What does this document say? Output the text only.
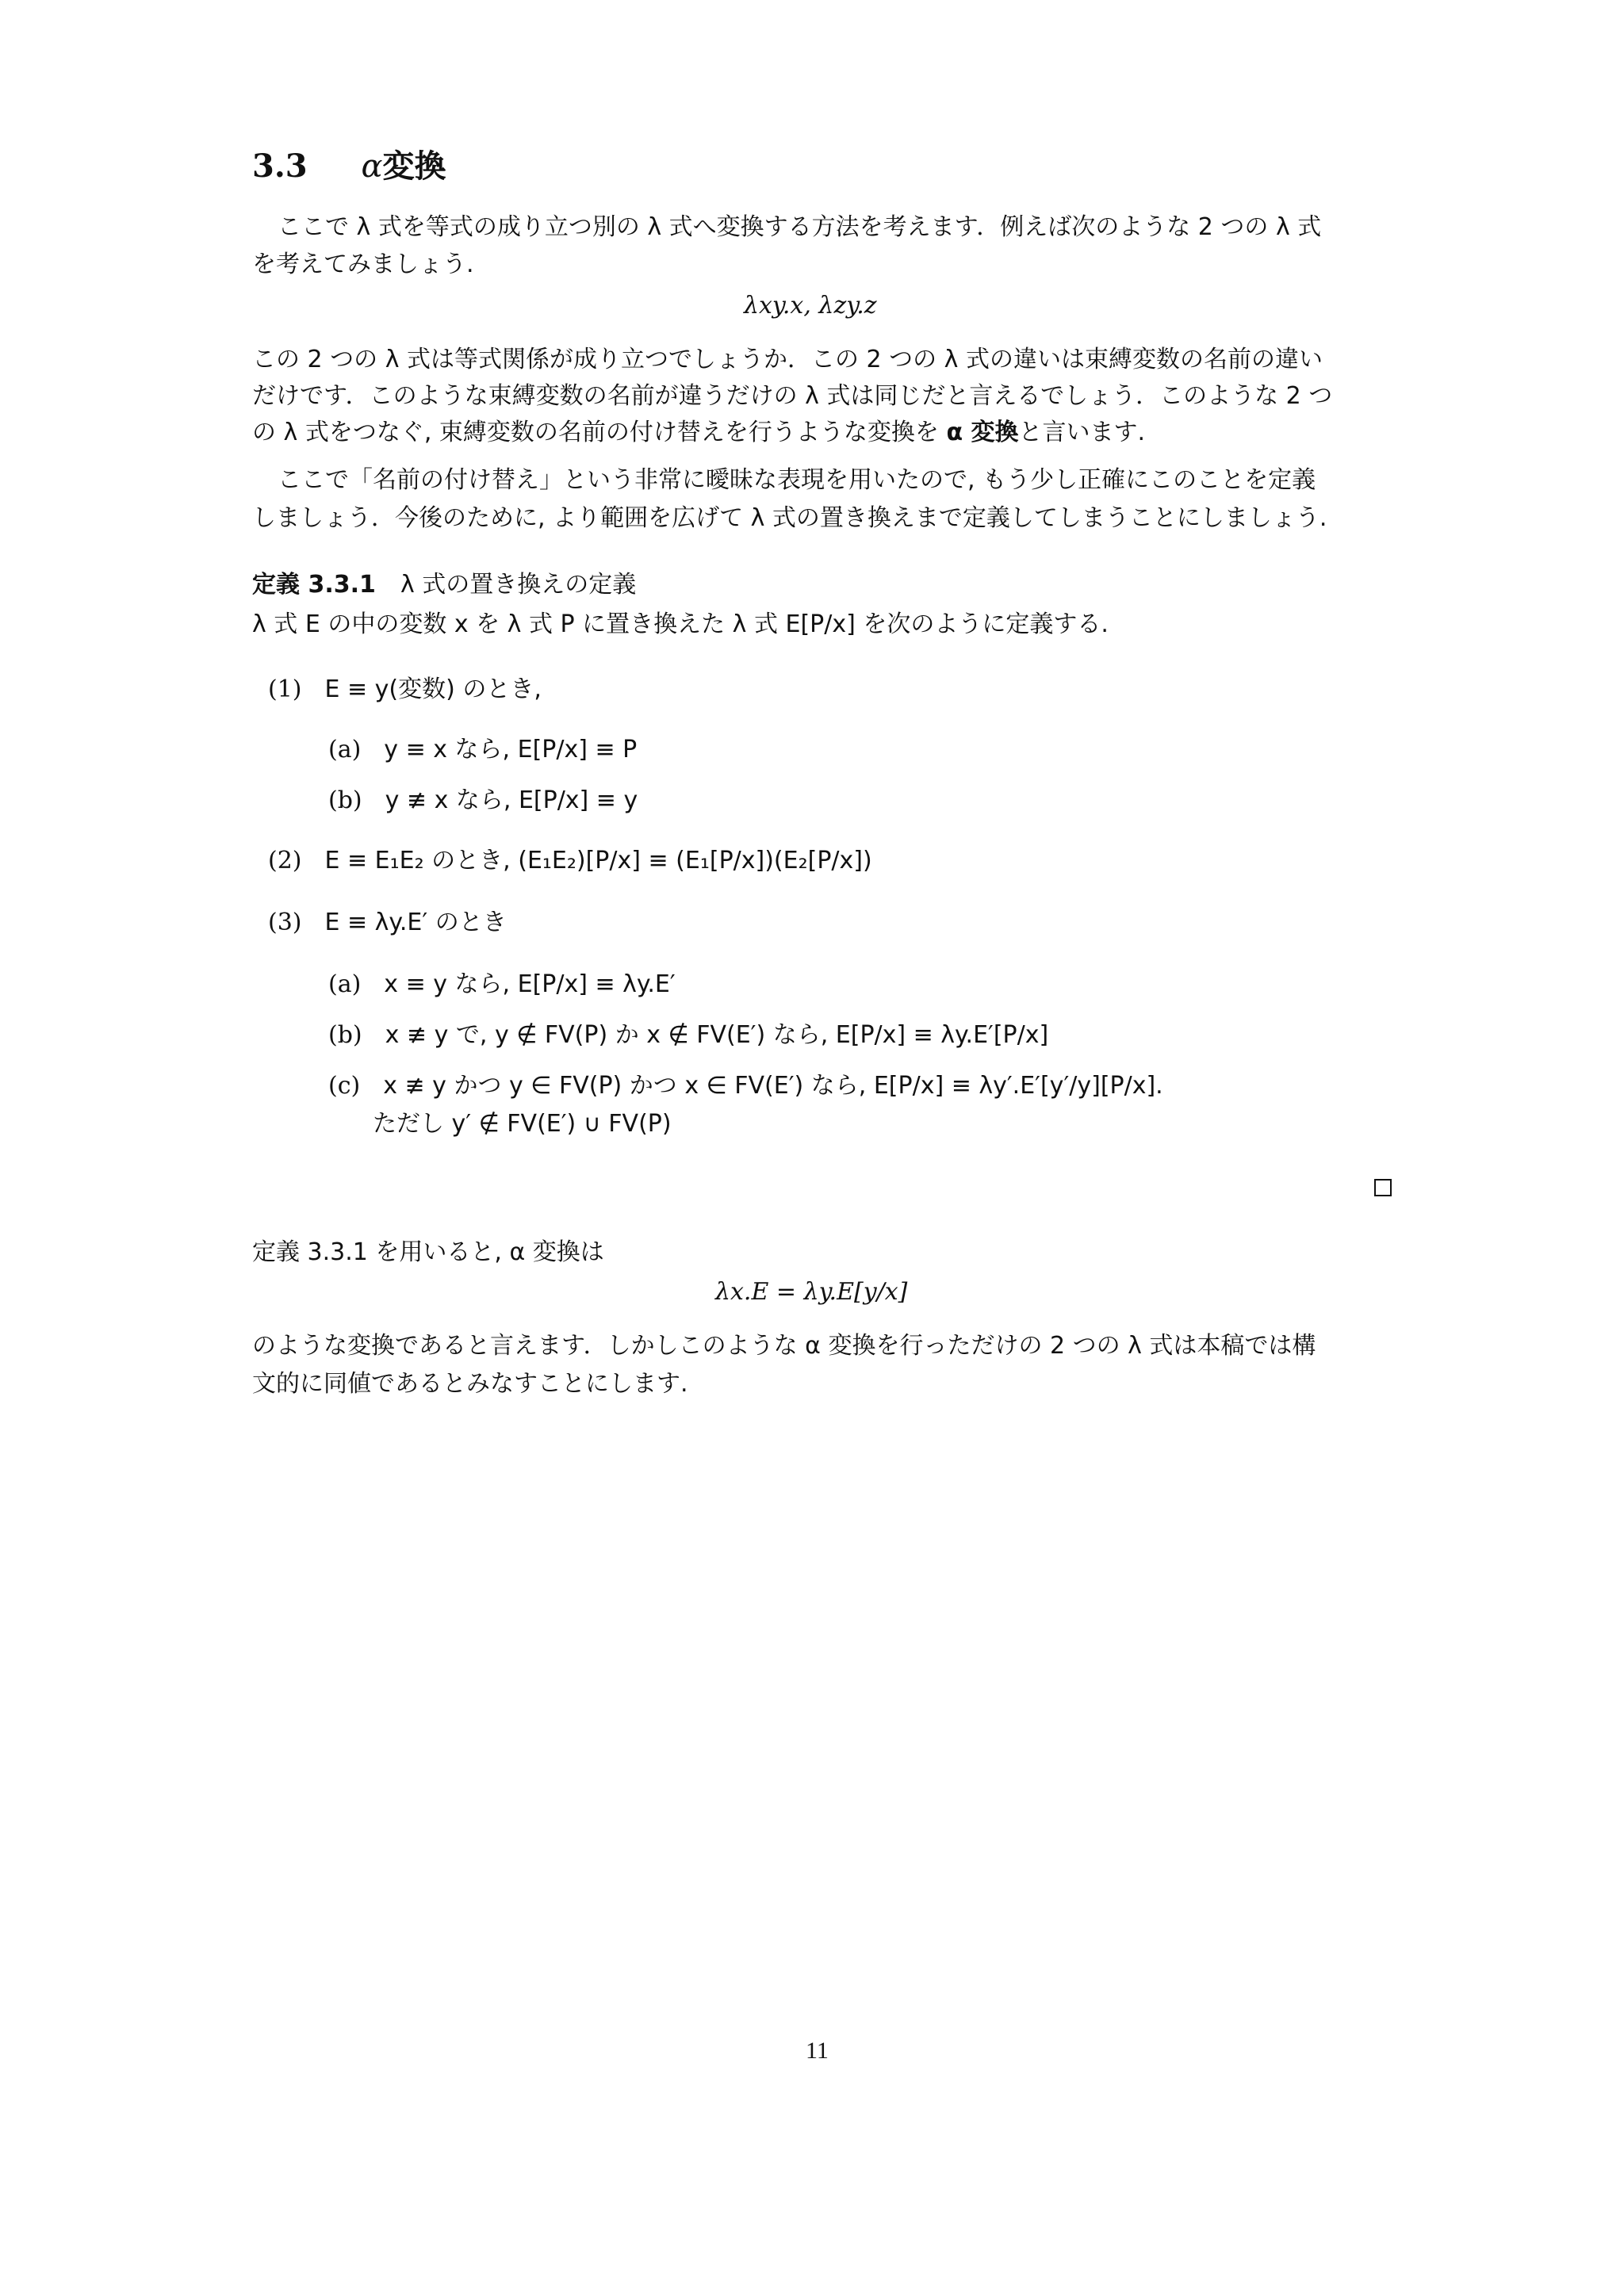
3.3 α変換
ここで λ 式を等式の成り立つ別の λ 式へ変換する方法を考えます．例えば次のような 2 つの λ 式
を考えてみましょう.
λxy.x, λzy.z
この 2 つの λ 式は等式関係が成り立つでしょうか．この 2 つの λ 式の違いは束縛変数の名前の違い
だけです．このような束縛変数の名前が違うだけの λ 式は同じだと言えるでしょう．このような 2 つ
の λ 式をつなぐ, 束縛変数の名前の付け替えを行うような変換を α 変換と言います.
ここで「名前の付け替え」という非常に曖昧な表現を用いたので, もう少し正確にこのことを定義
しましょう．今後のために, より範囲を広げて λ 式の置き換えまで定義してしまうことにしましょう.
定義 3.3.1 λ 式の置き換えの定義
λ 式 E の中の変数 x を λ 式 P に置き換えた λ 式 E[P/x] を次のように定義する.
(1) E ≡ y(変数) のとき,
(a) y ≡ x なら, E[P/x] ≡ P
(b) y ≢ x なら, E[P/x] ≡ y
(2) E ≡ E₁E₂ のとき, (E₁E₂)[P/x] ≡ (E₁[P/x])(E₂[P/x])
(3) E ≡ λy.E′ のとき
(a) x ≡ y なら, E[P/x] ≡ λy.E′
(b) x ≢ y で, y ∉ FV(P) か x ∉ FV(E′) なら, E[P/x] ≡ λy.E′[P/x]
(c) x ≢ y かつ y ∈ FV(P) かつ x ∈ FV(E′) なら, E[P/x] ≡ λy′.E′[y′/y][P/x].
ただし y′ ∉ FV(E′) ∪ FV(P)
定義 3.3.1 を用いると, α 変換は
λx.E = λy.E[y/x]
のような変換であると言えます．しかしこのような α 変換を行っただけの 2 つの λ 式は本稿では構
文的に同値であるとみなすことにします.
11
